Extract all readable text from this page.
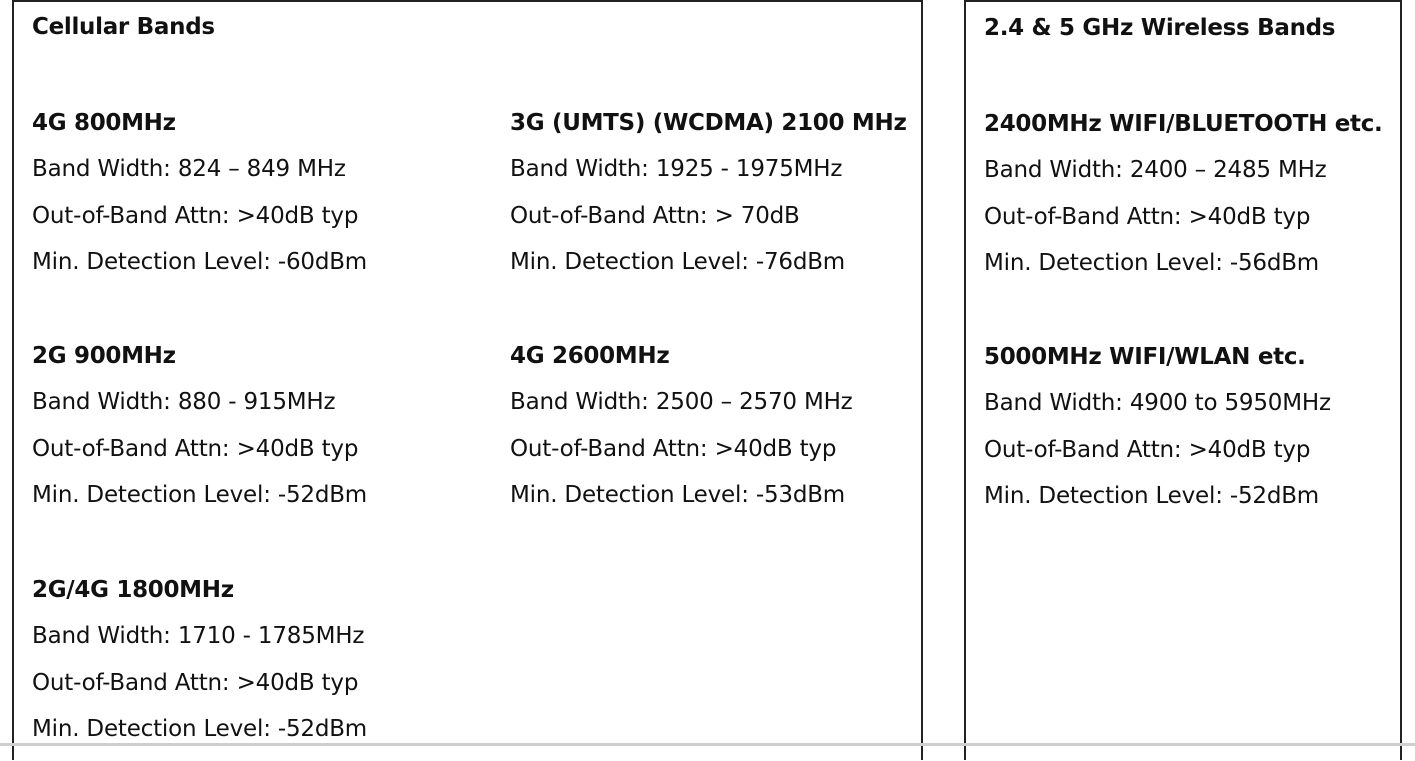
Cellular Bands
4G 800MHz
Band Width: 824 – 849 MHz
Out-of-Band Attn: >40dB typ
Min. Detection Level: -60dBm
3G (UMTS) (WCDMA) 2100 MHz
Band Width: 1925 - 1975MHz
Out-of-Band Attn: > 70dB
Min. Detection Level: -76dBm
2G 900MHz
Band Width: 880 - 915MHz
Out-of-Band Attn: >40dB typ
Min. Detection Level: -52dBm
4G 2600MHz
Band Width: 2500 – 2570 MHz
Out-of-Band Attn: >40dB typ
Min. Detection Level: -53dBm
2G/4G 1800MHz
Band Width: 1710 - 1785MHz
Out-of-Band Attn: >40dB typ
Min. Detection Level: -52dBm
2.4 & 5 GHz Wireless Bands
2400MHz WIFI/BLUETOOTH etc.
Band Width: 2400 – 2485 MHz
Out-of-Band Attn: >40dB typ
Min. Detection Level: -56dBm
5000MHz WIFI/WLAN etc.
Band Width: 4900 to 5950MHz
Out-of-Band Attn: >40dB typ
Min. Detection Level: -52dBm
